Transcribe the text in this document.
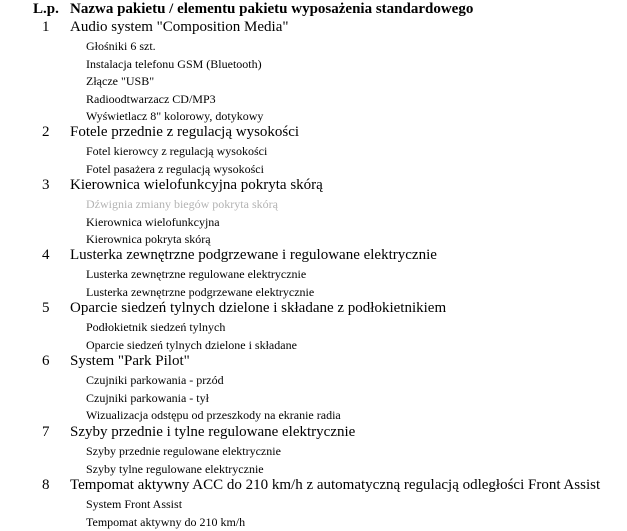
L.p. Nazwa pakietu / elementu pakietu wyposażenia standardowego
1	Audio system "Composition Media"
Głośniki 6 szt.
Instalacja telefonu GSM (Bluetooth)
Złącze "USB"
Radioodtwarzacz CD/MP3
Wyświetlacz 8" kolorowy, dotykowy
2	Fotele przednie z regulacją wysokości
Fotel kierowcy z regulacją wysokości
Fotel pasażera z regulacją wysokości
3	Kierownica wielofunkcyjna pokryta skórą
Dźwignia zmiany biegów pokryta skórą
Kierownica wielofunkcyjna
Kierownica pokryta skórą
4	Lusterka zewnętrzne podgrzewane i regulowane elektrycznie
Lusterka zewnętrzne regulowane elektrycznie
Lusterka zewnętrzne podgrzewane elektrycznie
5	Oparcie siedzeń tylnych dzielone i składane z podłokietnikiem
Podłokietnik siedzeń tylnych
Oparcie siedzeń tylnych dzielone i składane
6	System "Park Pilot"
Czujniki parkowania - przód
Czujniki parkowania - tył
Wizualizacja odstępu od przeszkody na ekranie radia
7	Szyby przednie i tylne regulowane elektrycznie
Szyby przednie regulowane elektrycznie
Szyby tylne regulowane elektrycznie
8	Tempomat aktywny ACC do 210 km/h z automatyczną regulacją odległości Front Assist
System Front Assist
Tempomat aktywny do 210 km/h
